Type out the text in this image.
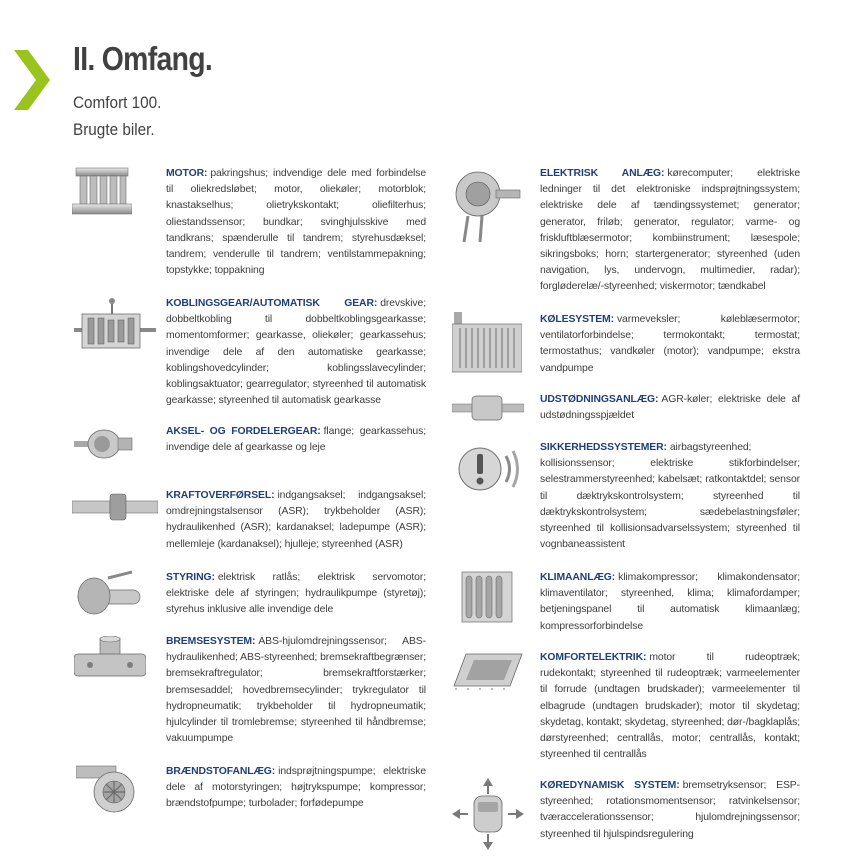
II. Omfang.
Comfort 100.
Brugte biler.
MOTOR: pakringshus; indvendige dele med forbindelse til oliekredsløbet; motor, oliekøler; motorblok; knastakselhus; olietrykskontakt; oliefilterhus; oliestandssensor; bundkar; svinghjulsskive med tandkrans; spænderulle til tandrem; styrehusdæksel; tandrem; venderulle til tandrem; ventilstammepakning; topstykke; toppakning
KOBLINGSGEAR/AUTOMATISK GEAR: drevskive; dobbeltkobling til dobbeltkoblingsgearkasse; momentomformer; gearkasse, oliekøler; gearkassehus; invendige dele af den automatiske gearkasse; koblingshovedcylinder; koblingsslavecylinder; koblingsaktuator; gearregulator; styreenhed til automatisk gearkasse; styreenhed til automatisk gearkasse
AKSEL- OG FORDELERGEAR: flange; gearkassehus; invendige dele af gearkasse og leje
KRAFTOVERFØRSEL: indgangsaksel; indgangsaksel; omdrejningstalsensor (ASR); trykbeholder (ASR); hydraulikenhed (ASR); kardanaksel; ladepumpe (ASR); mellemleje (kardanaksel); hjulleje; styreenhed (ASR)
STYRING: elektrisk ratlås; elektrisk servomotor; elektriske dele af styringen; hydraulikpumpe (styretøj); styrehus inklusive alle invendige dele
BREMSESYSTEM: ABS-hjulomdrejningssensor; ABS-hydraulikenhed; ABS-styreenhed; bremsekraftbegrænser; bremsekraftregulator; bremsekraftforstærker; bremsesaddel; hovedbremsecylinder; trykregulator til hydropneumatik; trykbeholder til hydropneumatik; hjulcylinder til tromlebremse; styreenhed til håndbremse; vakuumpumpe
BRÆNDSTOFANLÆG: indsprøjtningspumpe; elektriske dele af motorstyringen; højtrykspumpe; kompressor; brændstofpumpe; turbolader; forfødepumpe
ELEKTRISK ANLÆG: kørecomputer; elektriske ledninger til det elektroniske indsprøjtningssystem; elektriske dele af tændingssystemet; generator; generator, friløb; generator, regulator; varme- og friskluftblæsermotor; kombiinstrument; læsespole; sikringsboks; horn; startergenerator; styreenhed (uden navigation, lys, undervogn, multimedier, radar); forgløderelæ/-styreenhed; viskermotor; tændkabel
KØLESYSTEM: varmeveksler; køleblæsermotor; ventilatorforbindelse; termokontakt; termostat; termostathus; vandkøler (motor); vandpumpe; ekstra vandpumpe
UDSTØDNINGSANLÆG: AGR-køler; elektriske dele af udstødningsspjældet
SIKKERHEDSSYSTEMER: airbagstyreenhed; kollisionssensor; elektriske stikforbindelser; selestrammerstyreenhed; kabelsæt; ratkontaktdel; sensor til dæktrykskontrolsystem; styreenhed til dæktrykskontrolsystem; sædebelastningsføler; styreenhed til kollisionsadvarselssystem; styreenhed til vognbaneassistent
KLIMAANLÆG: klimakompressor; klimakondensator; klimaventilator; styreenhed, klima; klimafordamper; betjeningspanel til automatisk klimaanlæg; kompressorforbindelse
KOMFORTELEKTRIK: motor til rudeoptræk; rudekontakt; styreenhed til rudeoptræk; varmeelementer til forrude (undtagen brudskader); varmeelementer til elbagrude (undtagen brudskader); motor til skydetag; skydetag, kontakt; skydetag, styreenhed; dør-/bagklaplås; dørstyreenhed; centrallås, motor; centrallås, kontakt; styreenhed til centrallås
KØREDYNAMISK SYSTEM: bremsetryksensor; ESP-styreenhed; rotationsmomentsensor; ratvinkelsensor; tværaccelerationssensor; hjulomdrejningssensor; styreenhed til hjulspindsregulering
